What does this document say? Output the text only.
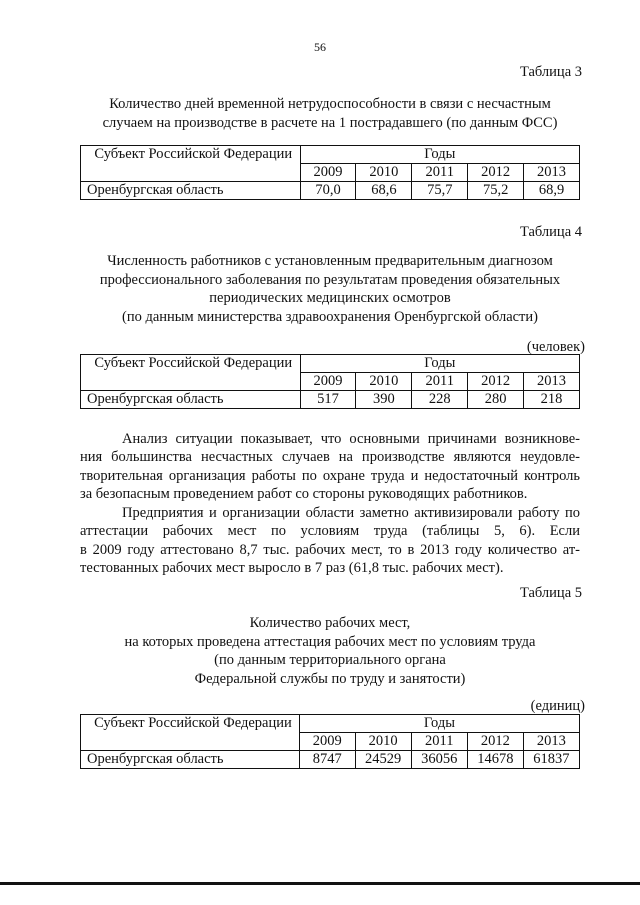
56
Таблица 3
Количество дней временной нетрудоспособности в связи с несчастным
случаем на производстве в расчете на 1 пострадавшего (по данным ФСС)
Субъект Российской Федерации	Годы				
	2009	2010	2011	2012	2013
Оренбургская область	70,0	68,6	75,7	75,2	68,9
Таблица 4
Численность работников с установленным предварительным диагнозом
профессионального заболевания по результатам проведения обязательных
периодических медицинских осмотров
(по данным министерства здравоохранения Оренбургской области)
(человек)
Субъект Российской Федерации	Годы				
	2009	2010	2011	2012	2013
Оренбургская область	517	390	228	280	218
Анализ ситуации показывает, что основными причинами возникнове-
ния большинства несчастных случаев на производстве являются неудовле-
творительная организация работы по охране труда и недостаточный контроль
за безопасным проведением работ со стороны руководящих работников.
Предприятия и организации области заметно активизировали работу по
аттестации рабочих мест по условиям труда (таблицы 5, 6). Если
в 2009 году аттестовано 8,7 тыс. рабочих мест, то в 2013 году количество ат-
тестованных рабочих мест выросло в 7 раз (61,8 тыс. рабочих мест).
Таблица 5
Количество рабочих мест,
на которых проведена аттестация рабочих мест по условиям труда
(по данным территориального органа
Федеральной службы по труду и занятости)
(единиц)
Субъект Российской Федерации	Годы				
	2009	2010	2011	2012	2013
Оренбургская область	8747	24529	36056	14678	61837
